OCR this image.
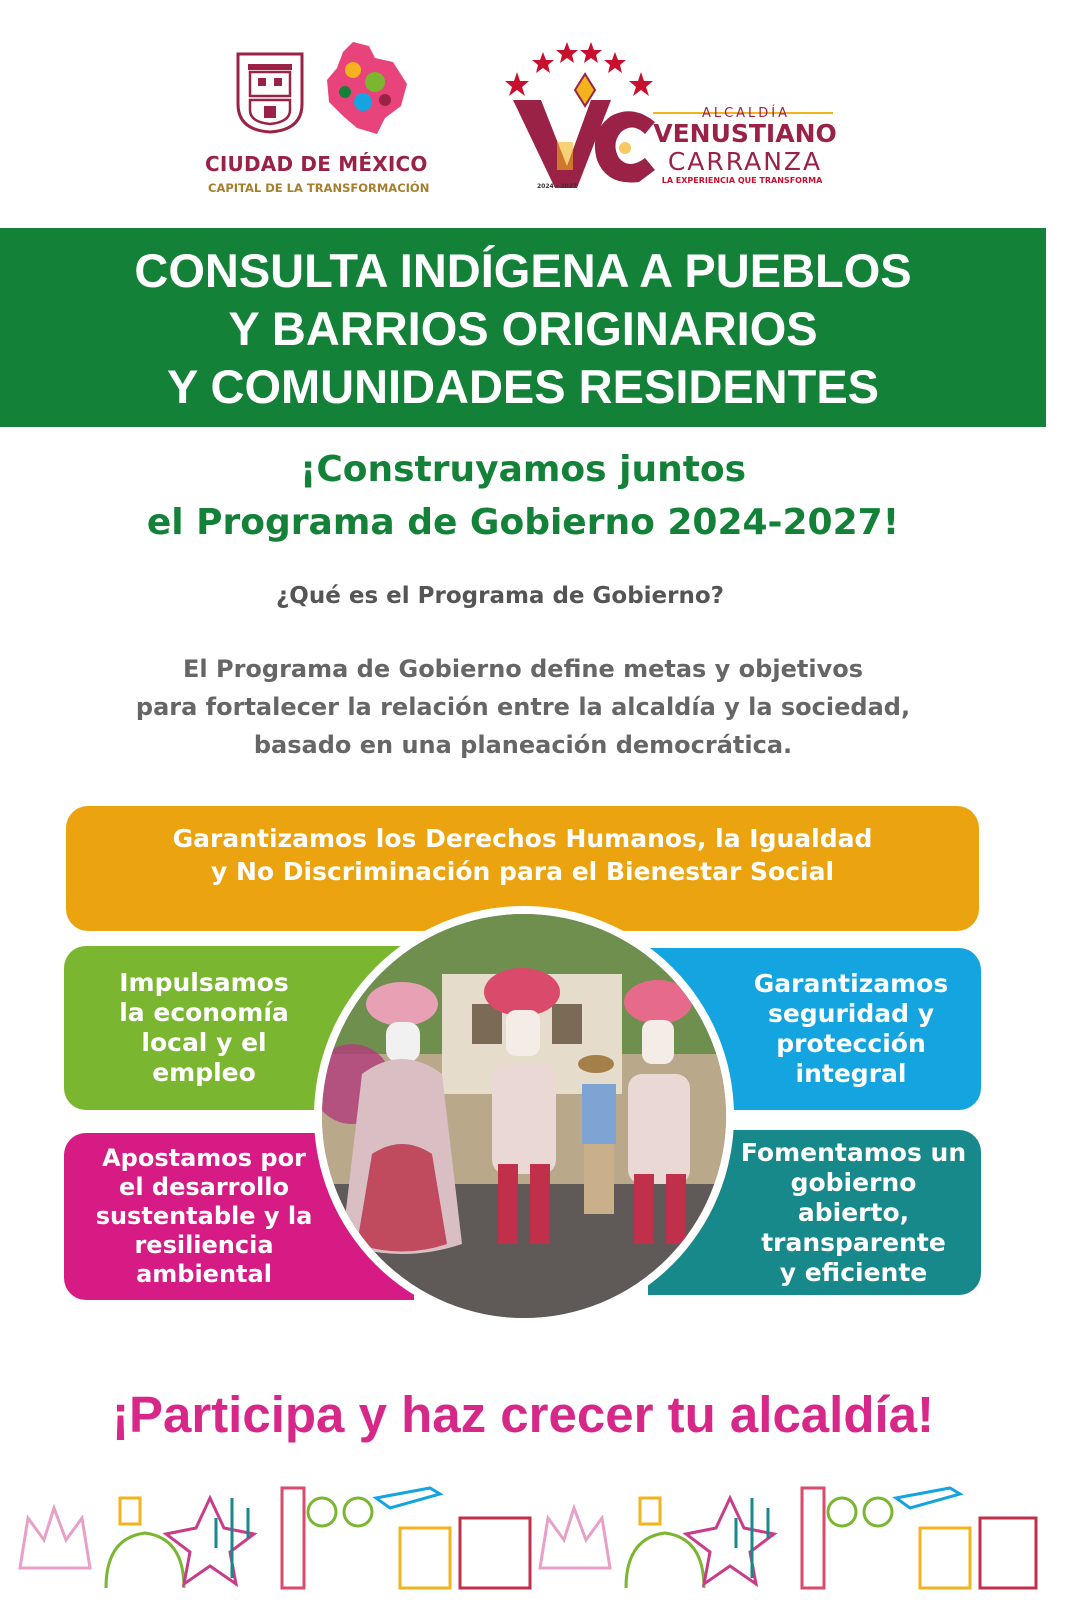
CIUDAD DE MÉXICO
CAPITAL DE LA TRANSFORMACIÓN	2024 - 2027
ALCALDÍA
VENUSTIANO
CARRANZA
LA EXPERIENCIA QUE TRANSFORMA
CONSULTA INDÍGENA A PUEBLOS
Y BARRIOS ORIGINARIOS
Y COMUNIDADES RESIDENTES
¡Construyamos juntos
el Programa de Gobierno 2024-2027!
¿Qué es el Programa de Gobierno?
El Programa de Gobierno define metas y objetivos
para fortalecer la relación entre la alcaldía y la sociedad,
basado en una planeación democrática.
Garantizamos los Derechos Humanos, la Igualdad
y No Discriminación para el Bienestar Social
Impulsamos
la economía
local y el
empleo
Garantizamos
seguridad y
protección
integral
Apostamos por
el desarrollo
sustentable y la
resiliencia
ambiental
Fomentamos un
gobierno abierto,
transparente
y eficiente
¡Participa y haz crecer tu alcaldía!
